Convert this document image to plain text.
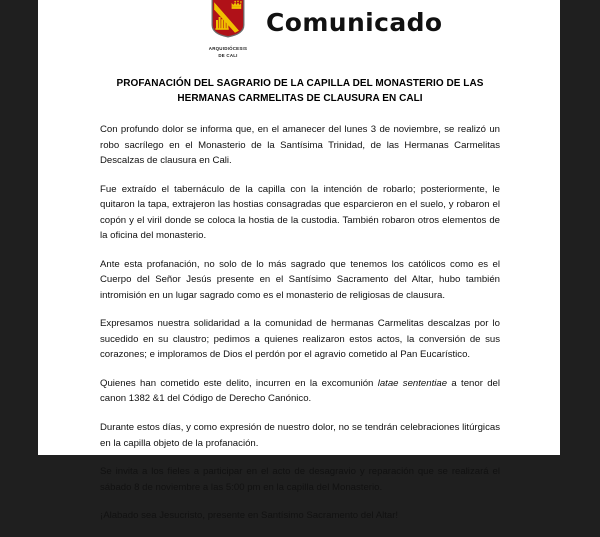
ARQUIDIÓCESIS
DE CALI
Comunicado
PROFANACIÓN DEL SAGRARIO DE LA CAPILLA DEL MONASTERIO DE LAS HERMANAS CARMELITAS DE CLAUSURA EN CALI

Con profundo dolor se informa que, en el amanecer del lunes 3 de noviembre, se realizó un robo sacrílego en el Monasterio de la Santísima Trinidad, de las Hermanas Carmelitas Descalzas de clausura en Cali.

Fue extraído el tabernáculo de la capilla con la intención de robarlo; posteriormente, le quitaron la tapa, extrajeron las hostias consagradas que esparcieron en el suelo, y robaron el copón y el viril donde se coloca la hostia de la custodia. También robaron otros elementos de la oficina del monasterio.

Ante esta profanación, no solo de lo más sagrado que tenemos los católicos como es el Cuerpo del Señor Jesús presente en el Santísimo Sacramento del Altar, hubo también intromisión en un lugar sagrado como es el monasterio de religiosas de clausura.

Expresamos nuestra solidaridad a la comunidad de hermanas Carmelitas descalzas por lo sucedido en su claustro; pedimos a quienes realizaron estos actos, la conversión de sus corazones; e imploramos de Dios el perdón por el agravio cometido al Pan Eucarístico.

Quienes han cometido este delito, incurren en la excomunión latae sententiae a tenor del canon 1382 &1 del Código de Derecho Canónico.

Durante estos días, y como expresión de nuestro dolor, no se tendrán celebraciones litúrgicas en la capilla objeto de la profanación.

Se invita a los fieles a participar en el acto de desagravio y reparación que se realizará el sábado 8 de noviembre a las 5:00 pm en la capilla del Monasterio.

¡Alabado sea Jesucristo, presente en Santísimo Sacramento del Altar!
